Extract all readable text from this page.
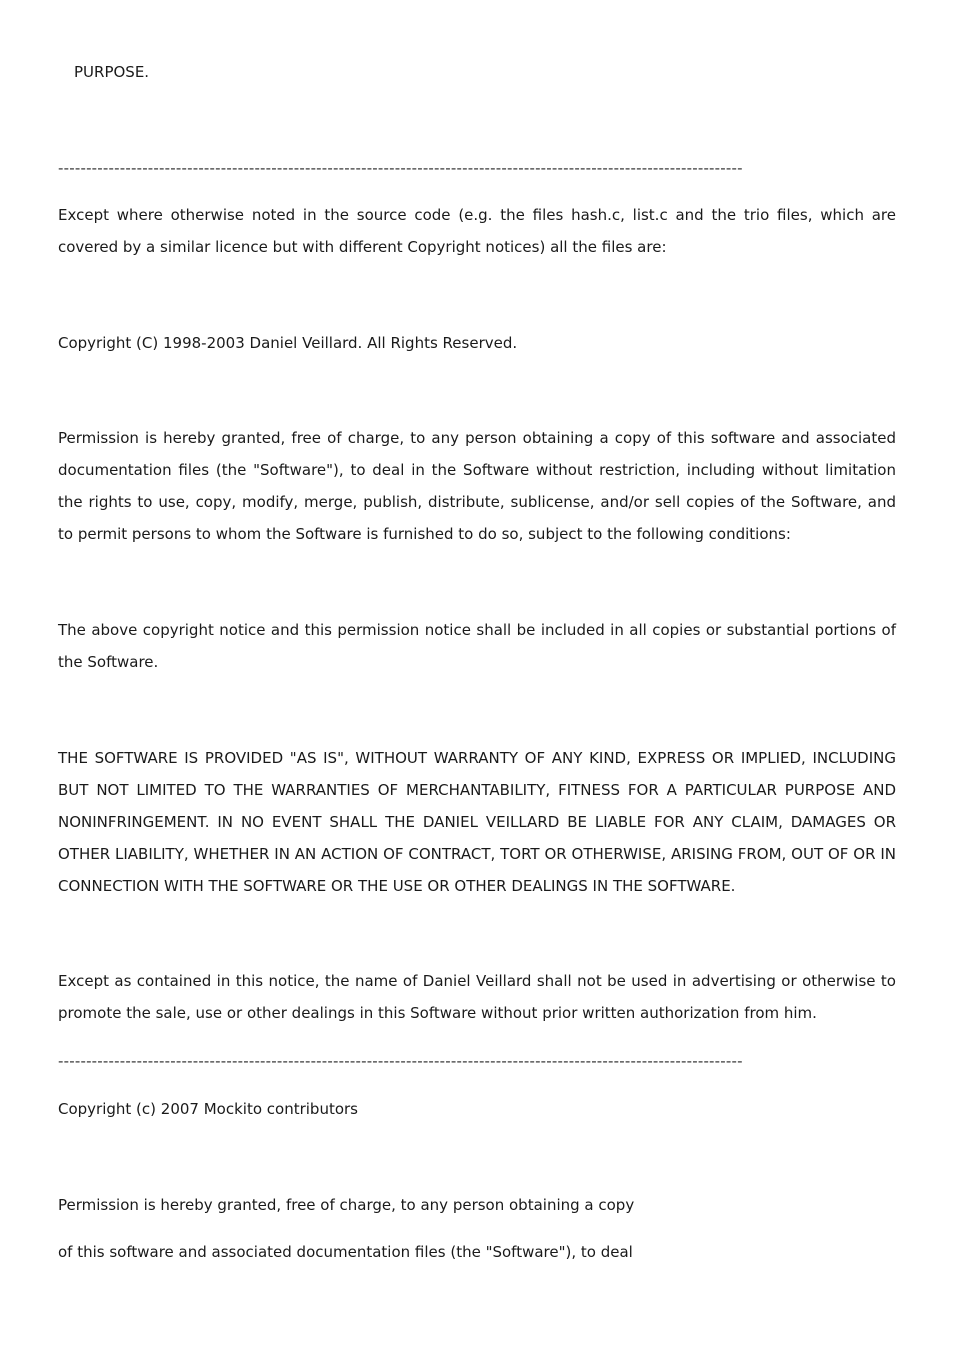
PURPOSE.

--------------------------------------------------------------------------------------------------------------------------

Except where otherwise noted in the source code (e.g. the files hash.c, list.c and the trio files, which are covered by a similar licence but with different Copyright notices) all the files are:

Copyright (C) 1998-2003 Daniel Veillard. All Rights Reserved.

Permission is hereby granted, free of charge, to any person obtaining a copy of this software and associated documentation files (the "Software"), to deal in the Software without restriction, including without limitation the rights to use, copy, modify, merge, publish, distribute, sublicense, and/or sell copies of the Software, and to permit persons to whom the Software is furnished to do so, subject to the following conditions:

The above copyright notice and this permission notice shall be included in all copies or substantial portions of the Software.

THE SOFTWARE IS PROVIDED "AS IS", WITHOUT WARRANTY OF ANY KIND, EXPRESS OR IMPLIED, INCLUDING BUT NOT LIMITED TO THE WARRANTIES OF MERCHANTABILITY, FITNESS FOR A PARTICULAR PURPOSE AND NONINFRINGEMENT. IN NO EVENT SHALL THE DANIEL VEILLARD BE LIABLE FOR ANY CLAIM, DAMAGES OR OTHER LIABILITY, WHETHER IN AN ACTION OF CONTRACT, TORT OR OTHERWISE, ARISING FROM, OUT OF OR IN CONNECTION WITH THE SOFTWARE OR THE USE OR OTHER DEALINGS IN THE SOFTWARE.

Except as contained in this notice, the name of Daniel Veillard shall not be used in advertising or otherwise to promote the sale, use or other dealings in this Software without prior written authorization from him.

--------------------------------------------------------------------------------------------------------------------------

Copyright (c) 2007 Mockito contributors

Permission is hereby granted, free of charge, to any person obtaining a copy

of this software and associated documentation files (the "Software"), to deal
